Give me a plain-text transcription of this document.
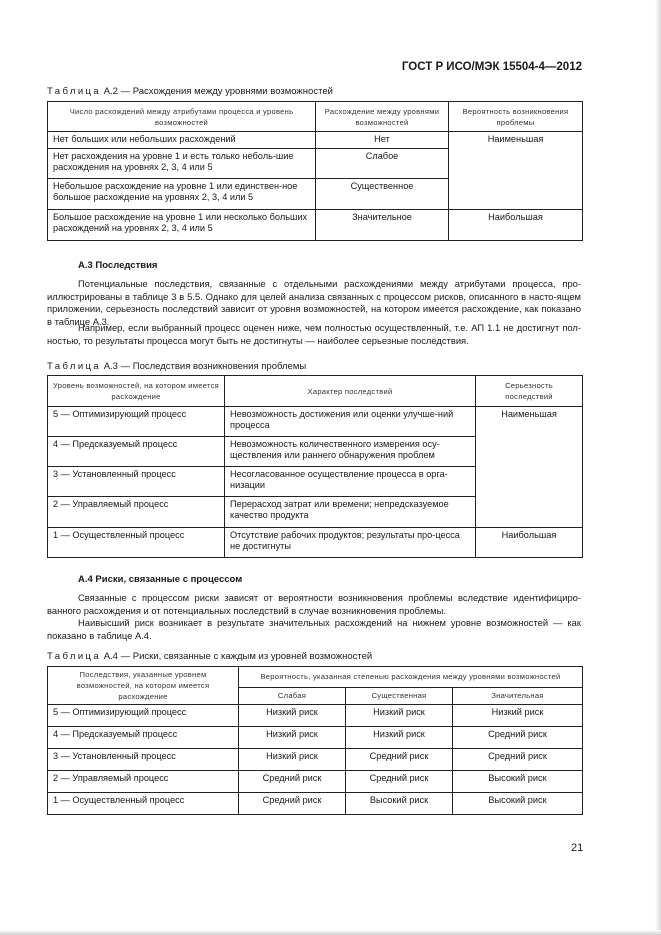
ГОСТ Р ИСО/МЭК 15504-4—2012
Таблица А.2 — Расхождения между уровнями возможностей
Число расхождений между атрибутами процесса и уровень возможностей	Расхождение между уровнями возможностей	Вероятность возникновения проблемы
Нет больших или небольших расхождений	Нет	Наименьшая
Нет расхождения на уровне 1 и есть только неболь-шие расхождения на уровнях 2, 3, 4 или 5	Слабое	
Небольшое расхождение на уровне 1 или единствен-ное большое расхождение на уровнях 2, 3, 4 или 5	Существенное	
Большое расхождение на уровне 1 или несколько больших расхождений на уровнях 2, 3, 4 или 5	Значительное	Наибольшая
А.3 Последствия

Потенциальные последствия, связанные с отдельными расхождениями между атрибутами процесса, про-иллюстрированы в таблице 3 в 5.5. Однако для целей анализа связанных с процессом рисков, описанного в насто-ящем приложении, серьезность последствий зависит от уровня возможностей, на котором имеется расхождение, как показано в таблице А.3.

Например, если выбранный процесс оценен ниже, чем полностью осуществленный, т.е. АП 1.1 не достигнут пол-ностью, то результаты процесса могут быть не достигнуты — наиболее серьезные последствия.

Таблица А.3 — Последствия возникновения проблемы
Уровень возможностей, на котором имеется расхождение	Характер последствий	Серьезность последствий
5 — Оптимизирующий процесс	Невозможность достижения или оценки улучше-ний процесса	Наименьшая
4 — Предсказуемый процесс	Невозможность количественного измерения осу-ществления или раннего обнаружения проблем	
3 — Установленный процесс	Несогласованное осуществление процесса в орга-низации	
2 — Управляемый процесс	Перерасход затрат или времени; непредсказуемое качество продукта	
1 — Осуществленный процесс	Отсутствие рабочих продуктов; результаты про-цесса не достигнуты	Наибольшая
А.4 Риски, связанные с процессом

Связанные с процессом риски зависят от вероятности возникновения проблемы вследствие идентифициро-ванного расхождения и от потенциальных последствий в случае возникновения проблемы.

Наивысший риск возникает в результате значительных расхождений на нижнем уровне возможностей — как показано в таблице А.4.

Таблица А.4 — Риски, связанные с каждым из уровней возможностей
Последствия, указанные уровнем возможностей, на котором имеется расхождение	Вероятность, указанная степенью расхождения между уровнями возможностей		
	Слабая	Существенная	Значительная
5 — Оптимизирующий процесс	Низкий риск	Низкий риск	Низкий риск
4 — Предсказуемый процесс	Низкий риск	Низкий риск	Средний риск
3 — Установленный процесс	Низкий риск	Средний риск	Средний риск
2 — Управляемый процесс	Средний риск	Средний риск	Высокий риск
1 — Осуществленный процесс	Средний риск	Высокий риск	Высокий риск
21
